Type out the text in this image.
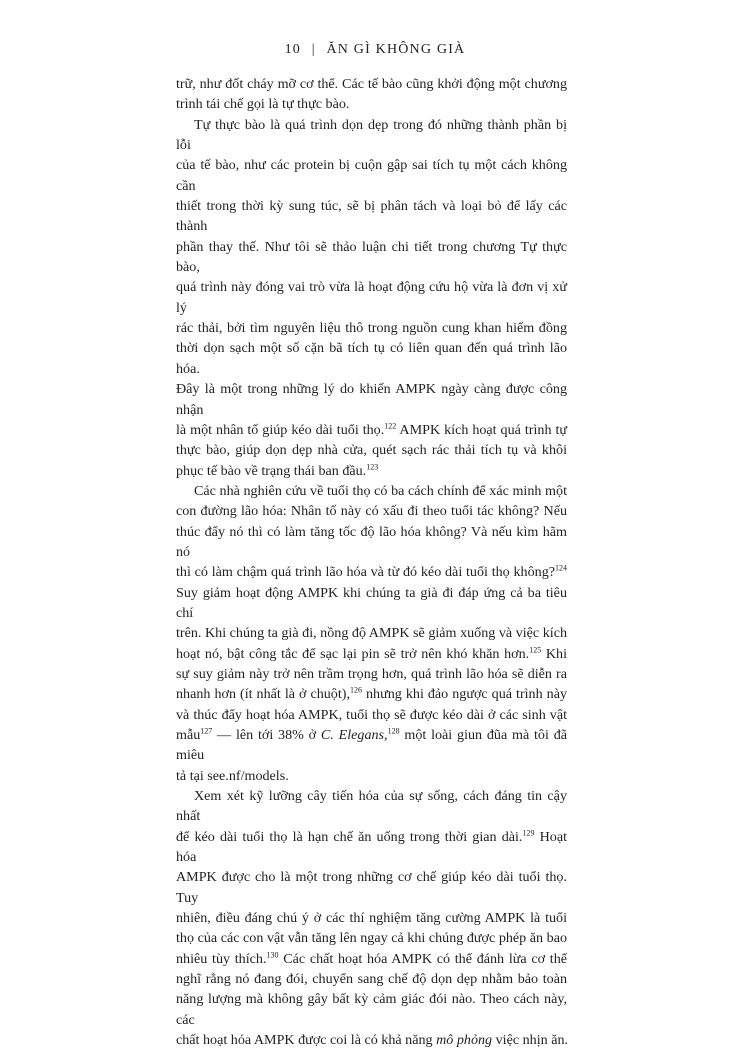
10 | ĂN GÌ KHÔNG GIÀ

trữ, như đốt cháy mỡ cơ thể. Các tế bào cũng khởi động một chương
trình tái chế gọi là tự thực bào.

Tự thực bào là quá trình dọn dẹp trong đó những thành phần bị lỗi
của tế bào, như các protein bị cuộn gập sai tích tụ một cách không cần
thiết trong thời kỳ sung túc, sẽ bị phân tách và loại bỏ để lấy các thành
phần thay thế. Như tôi sẽ thảo luận chi tiết trong chương Tự thực bào,
quá trình này đóng vai trò vừa là hoạt động cứu hộ vừa là đơn vị xử lý
rác thải, bởi tìm nguyên liệu thô trong nguồn cung khan hiếm đồng
thời dọn sạch một số cặn bã tích tụ có liên quan đến quá trình lão hóa.
Đây là một trong những lý do khiến AMPK ngày càng được công nhận
là một nhân tố giúp kéo dài tuổi thọ.$^{122}$ AMPK kích hoạt quá trình tự
thực bào, giúp dọn dẹp nhà cửa, quét sạch rác thải tích tụ và khôi
phục tế bào về trạng thái ban đầu.$^{123}$

Các nhà nghiên cứu về tuổi thọ có ba cách chính để xác minh một
con đường lão hóa: Nhân tố này có xấu đi theo tuổi tác không? Nếu
thúc đẩy nó thì có làm tăng tốc độ lão hóa không? Và nếu kìm hãm nó
thì có làm chậm quá trình lão hóa và từ đó kéo dài tuổi thọ không?$^{124}$
Suy giảm hoạt động AMPK khi chúng ta già đi đáp ứng cả ba tiêu chí
trên. Khi chúng ta già đi, nồng độ AMPK sẽ giảm xuống và việc kích
hoạt nó, bật công tắc để sạc lại pin sẽ trở nên khó khăn hơn.$^{125}$ Khi
sự suy giảm này trở nên trầm trọng hơn, quá trình lão hóa sẽ diễn ra
nhanh hơn (ít nhất là ở chuột),$^{126}$ nhưng khi đảo ngược quá trình này
và thúc đẩy hoạt hóa AMPK, tuổi thọ sẽ được kéo dài ở các sinh vật
mẫu$^{127}$ — lên tới 38% ở C. Elegans,$^{128}$ một loài giun đũa mà tôi đã miêu
tả tại see.nf/models.

Xem xét kỹ lưỡng cây tiến hóa của sự sống, cách đáng tin cậy nhất
để kéo dài tuổi thọ là hạn chế ăn uống trong thời gian dài.$^{129}$ Hoạt hóa
AMPK được cho là một trong những cơ chế giúp kéo dài tuổi thọ. Tuy
nhiên, điều đáng chú ý ở các thí nghiệm tăng cường AMPK là tuổi
thọ của các con vật vẫn tăng lên ngay cả khi chúng được phép ăn bao
nhiêu tùy thích.$^{130}$ Các chất hoạt hóa AMPK có thể đánh lừa cơ thể
nghĩ rằng nó đang đói, chuyển sang chế độ dọn dẹp nhằm bảo toàn
năng lượng mà không gây bất kỳ cảm giác đói nào. Theo cách này, các
chất hoạt hóa AMPK được coi là có khả năng mô phỏng việc nhịn ăn.
